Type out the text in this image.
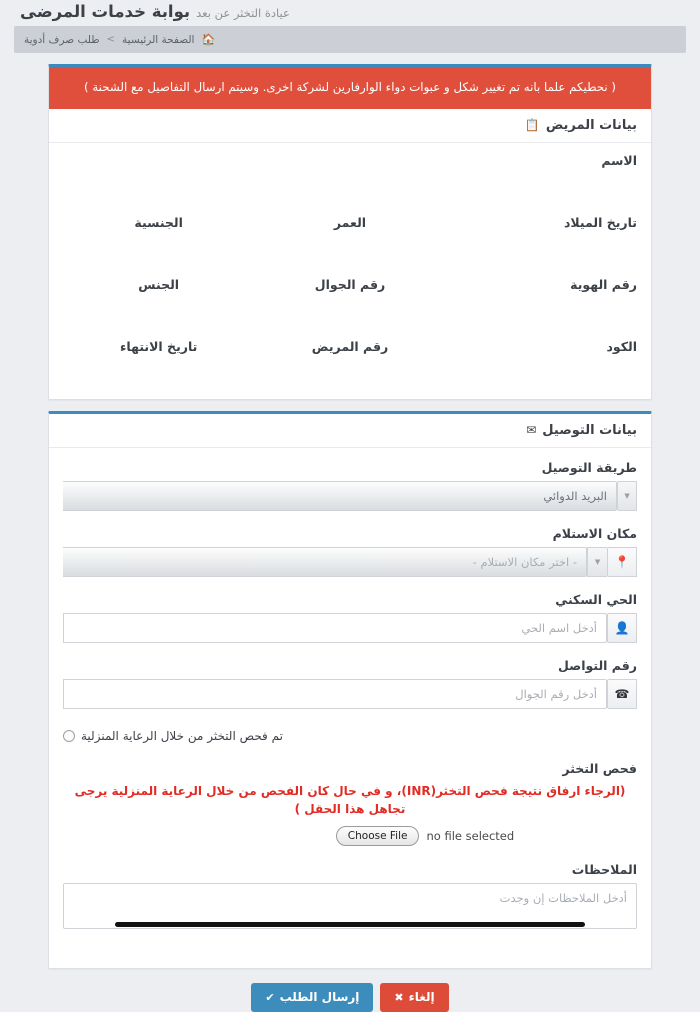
عيادة التخثر عن بعد
بوابة خدمات المرضى
🏠
الصفحة الرئيسية
>
طلب صرف أدوية
( نحطيكم علما بانه تم تغيير شكل و عبوات دواء الوارفارين لشركة اخرى. وسيتم ارسال التفاصيل مع الشحنة )
📋 بيانات المريض
الاسم
تاريخ الميلاد
العمر
الجنسية
رقم الهوية
رقم الجوال
الجنس
الكود
رقم المريض
تاريخ الانتهاء
✉ بيانات التوصيل
طريقة التوصيل
▼
البريد الدوائي
مكان الاستلام
📍
▼
- اختر مكان الاستلام -
الحي السكني
👤
أدخل اسم الحي
رقم التواصل
☎
أدخل رقم الجوال
تم فحص التخثر من خلال الرعاية المنزلية
فحص التخثر
(الرجاء ارفاق نتيجة فحص التخثر(INR)، و في حال كان الفحص من خلال الرعاية المنزلية يرجى تجاهل هذا الحقل )
Choose File	no file selected
الملاحظات
أدخل الملاحظات إن وجدت
✔ إرسال الطلب	✖ إلغاء
